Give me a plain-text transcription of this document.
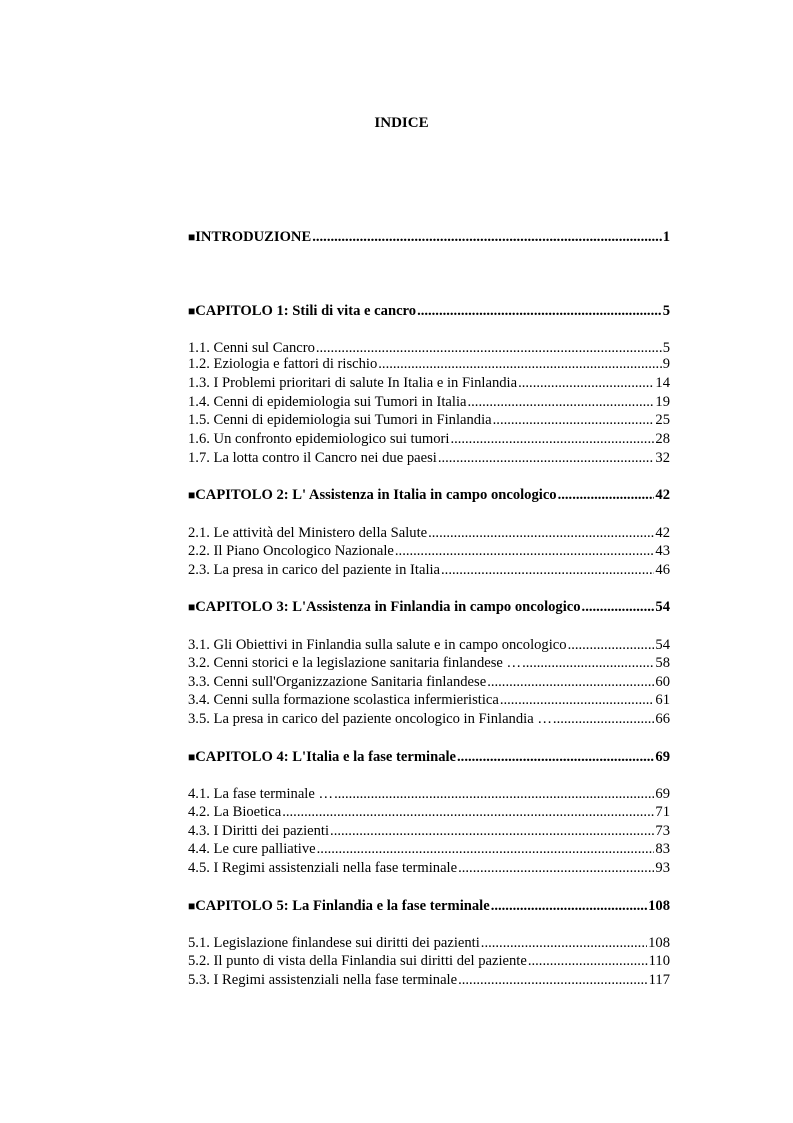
INDICE
■INTRODUZIONE .....	1
■CAPITOLO 1: Stili di vita e cancro .....	5
1.1. Cenni sul Cancro .....	5
1.2. Eziologia e fattori di rischio .....	9
1.3. I Problemi prioritari di salute In Italia e in Finlandia .....	14
1.4. Cenni di epidemiologia sui Tumori in Italia .....	19
1.5. Cenni di epidemiologia sui Tumori in Finlandia .....	25
1.6. Un confronto epidemiologico sui tumori .....	28
1.7. La lotta contro il Cancro nei due paesi .....	32
■CAPITOLO 2: L' Assistenza in Italia in campo oncologico .....	42
2.1. Le attività del Ministero della Salute .....	42
2.2. Il Piano Oncologico Nazionale .....	43
2.3. La presa in carico del paziente in Italia .....	46
■CAPITOLO 3: L'Assistenza in Finlandia in campo oncologico .....	54
3.1. Gli Obiettivi in Finlandia sulla salute e in campo oncologico .....	54
3.2. Cenni storici e la legislazione sanitaria finlandese … .....	58
3.3. Cenni sull'Organizzazione Sanitaria finlandese .....	60
3.4. Cenni sulla formazione scolastica infermieristica .....	61
3.5. La presa in carico del paziente oncologico in Finlandia … .....	66
■CAPITOLO 4: L'Italia e la fase terminale .....	69
4.1. La fase terminale … .....	69
4.2. La Bioetica .....	71
4.3. I Diritti dei pazienti .....	73
4.4. Le cure palliative .....	83
4.5. I Regimi assistenziali nella fase terminale .....	93
■CAPITOLO 5: La Finlandia e la fase terminale .....	108
5.1. Legislazione finlandese sui diritti dei pazienti .....	108
5.2. Il punto di vista della Finlandia sui diritti del paziente .....	110
5.3. I Regimi assistenziali nella fase terminale .....	117
